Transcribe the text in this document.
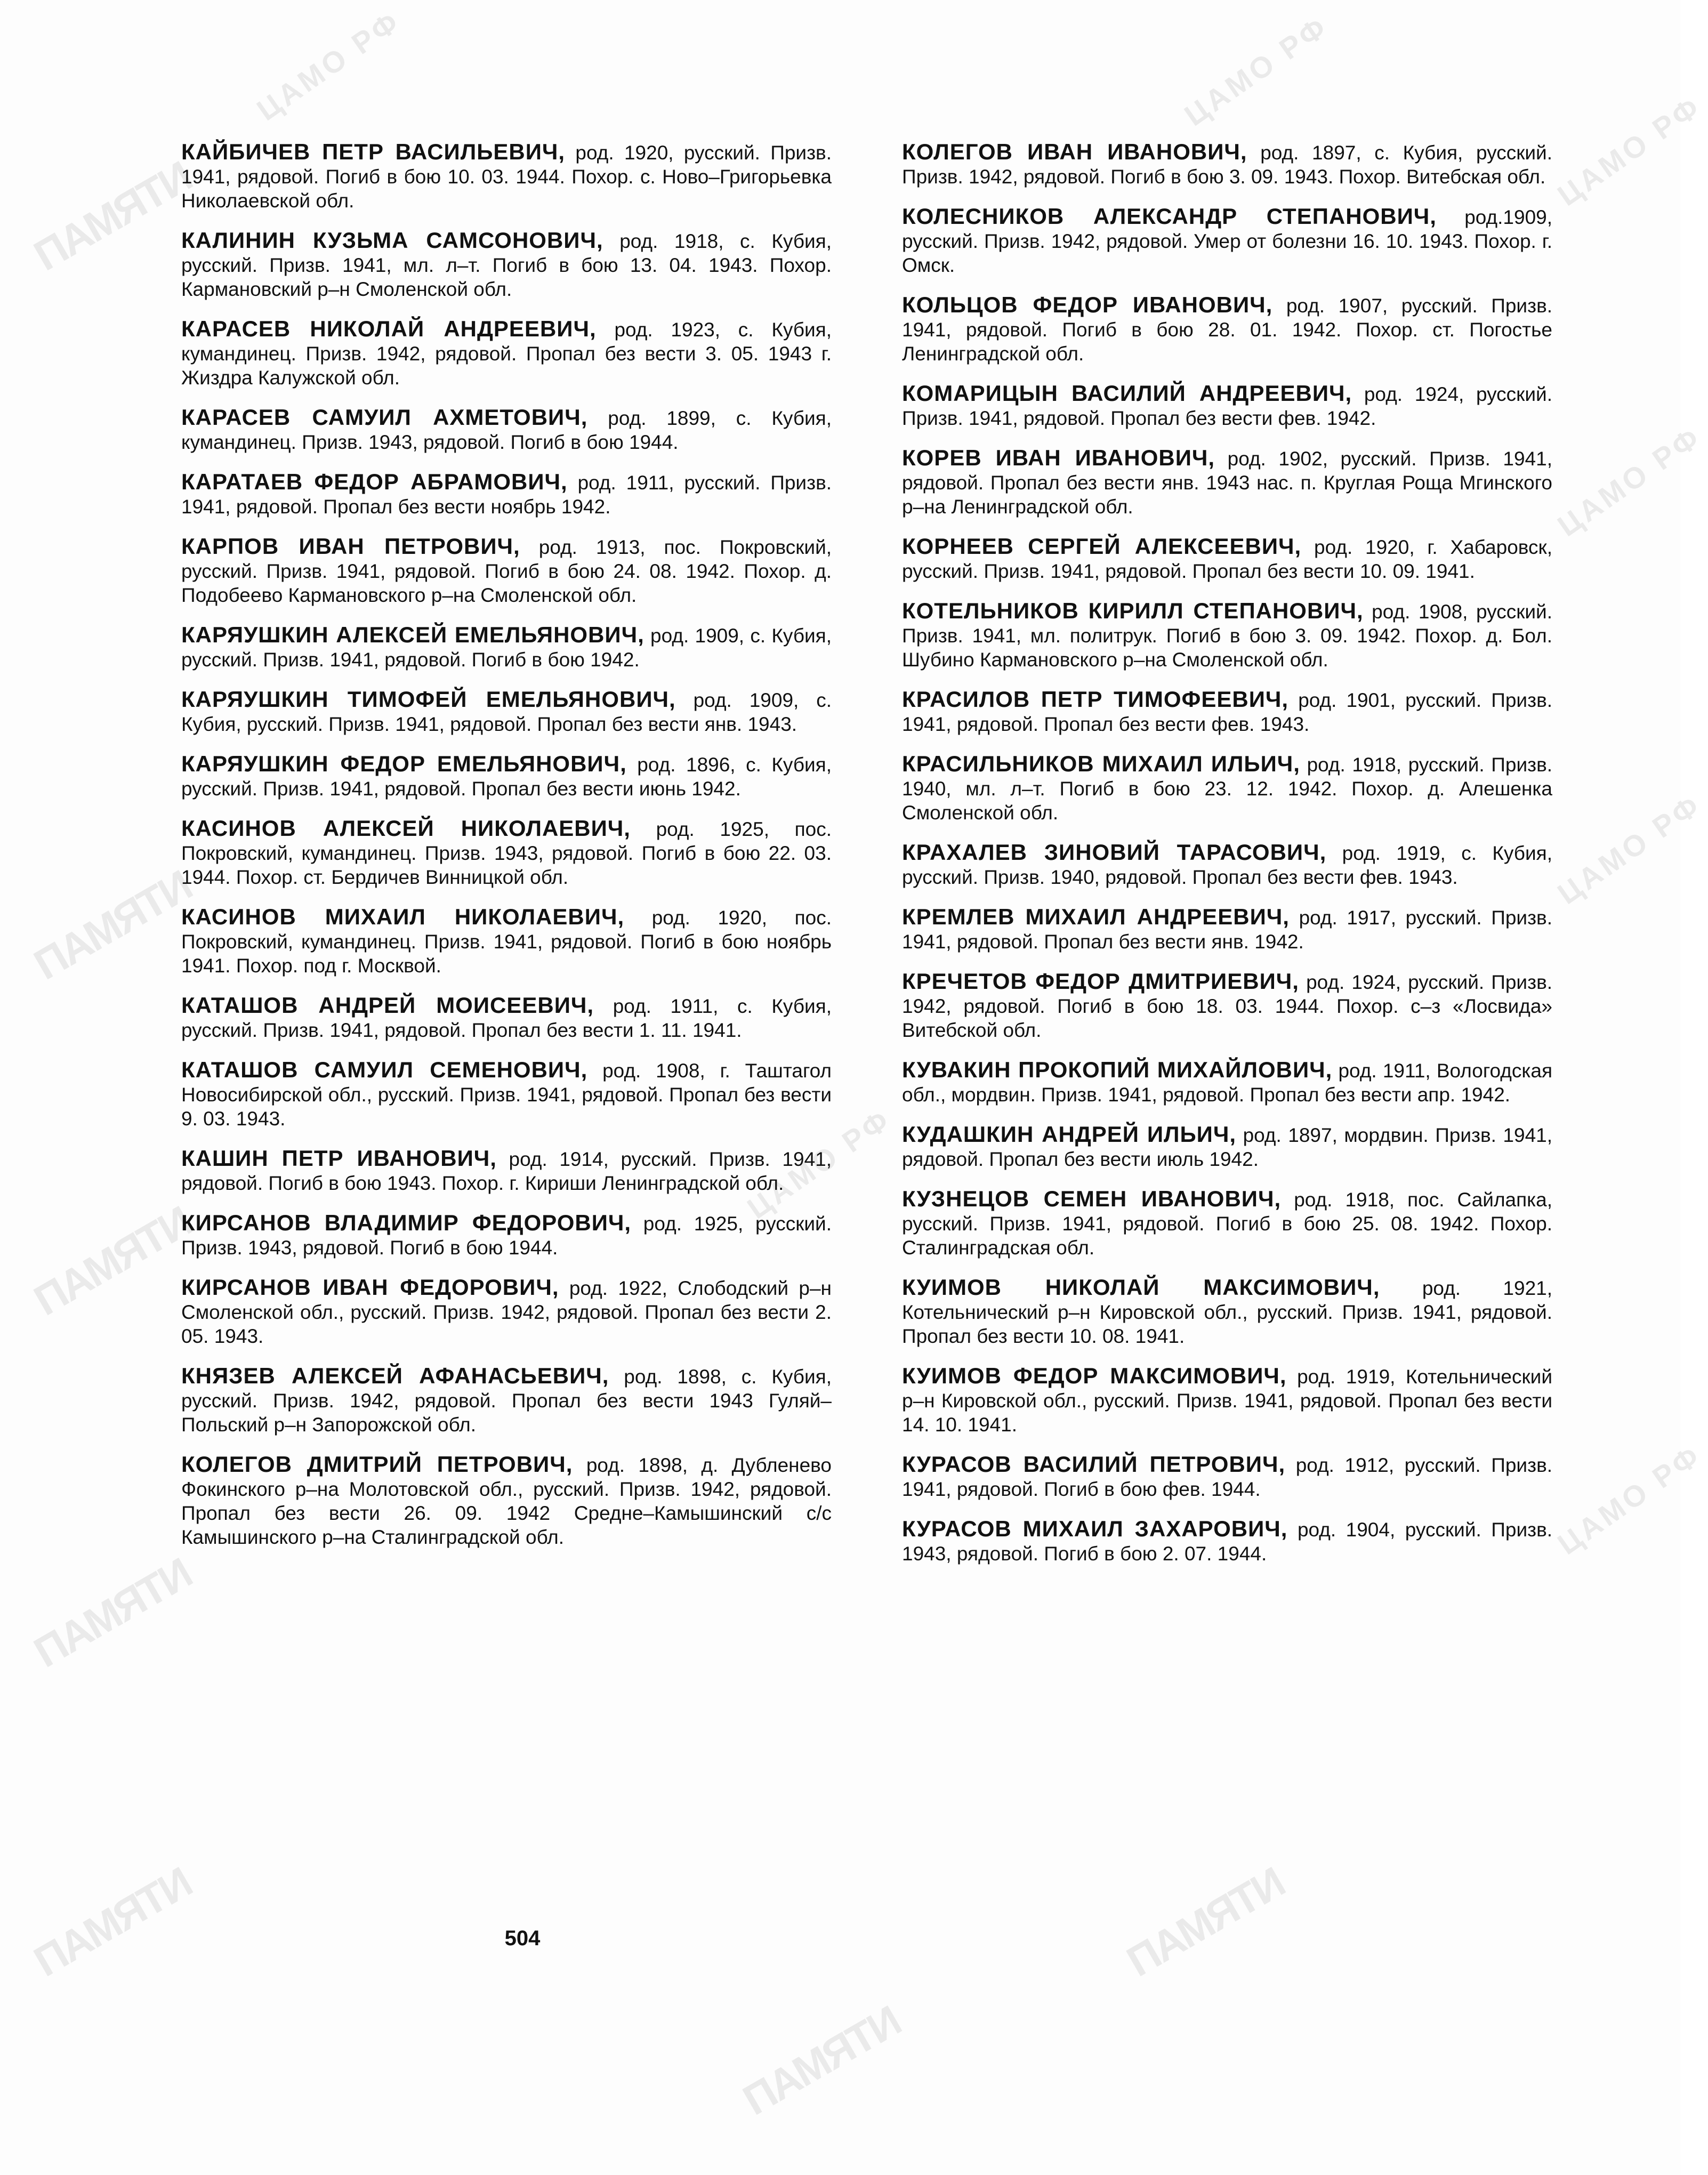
ПАМЯТИ
ПАМЯТИ
ПАМЯТИ
ПАМЯТИ
ПАМЯТИ
ПАМЯТИ
ПАМЯТИ
ЦАМО РФ	ЦАМО РФ
ЦАМО РФ
ЦАМО РФ
ЦАМО РФ
ЦАМО РФ
ЦАМО РФ
КАЙБИЧЕВ ПЕТР ВАСИЛЬЕВИЧ, род. 1920, русский. Призв. 1941, рядовой. Погиб в бою 10. 03. 1944. Похор. с. Ново–Григорьевка Николаевской обл.
КАЛИНИН КУЗЬМА САМСОНОВИЧ, род. 1918, с. Кубия, русский. Призв. 1941, мл. л–т. Погиб в бою 13. 04. 1943. Похор. Кармановский р–н Смоленской обл.
КАРАСЕВ НИКОЛАЙ АНДРЕЕВИЧ, род. 1923, с. Кубия, кумандинец. Призв. 1942, рядовой. Пропал без вести 3. 05. 1943 г. Жиздра Калужской обл.
КАРАСЕВ САМУИЛ АХМЕТОВИЧ, род. 1899, с. Кубия, кумандинец. Призв. 1943, рядовой. Погиб в бою 1944.
КАРАТАЕВ ФЕДОР АБРАМОВИЧ, род. 1911, русский. Призв. 1941, рядовой. Пропал без вести ноябрь 1942.
КАРПОВ ИВАН ПЕТРОВИЧ, род. 1913, пос. Покровский, русский. Призв. 1941, рядовой. Погиб в бою 24. 08. 1942. Похор. д. Подобеево Кармановского р–на Смоленской обл.
КАРЯУШКИН АЛЕКСЕЙ ЕМЕЛЬЯНОВИЧ, род. 1909, с. Кубия, русский. Призв. 1941, рядовой. Погиб в бою 1942.
КАРЯУШКИН ТИМОФЕЙ ЕМЕЛЬЯНОВИЧ, род. 1909, с. Кубия, русский. Призв. 1941, рядовой. Пропал без вести янв. 1943.
КАРЯУШКИН ФЕДОР ЕМЕЛЬЯНОВИЧ, род. 1896, с. Кубия, русский. Призв. 1941, рядовой. Пропал без вести июнь 1942.
КАСИНОВ АЛЕКСЕЙ НИКОЛАЕВИЧ, род. 1925, пос. Покровский, кумандинец. Призв. 1943, рядовой. Погиб в бою 22. 03. 1944. Похор. ст. Бердичев Винницкой обл.
КАСИНОВ МИХАИЛ НИКОЛАЕВИЧ, род. 1920, пос. Покровский, кумандинец. Призв. 1941, рядовой. Погиб в бою ноябрь 1941. Похор. под г. Москвой.
КАТАШОВ АНДРЕЙ МОИСЕЕВИЧ, род. 1911, с. Кубия, русский. Призв. 1941, рядовой. Пропал без вести 1. 11. 1941.
КАТАШОВ САМУИЛ СЕМЕНОВИЧ, род. 1908, г. Таштагол Новосибирской обл., русский. Призв. 1941, рядовой. Пропал без вести 9. 03. 1943.
КАШИН ПЕТР ИВАНОВИЧ, род. 1914, русский. Призв. 1941, рядовой. Погиб в бою 1943. Похор. г. Кириши Ленинградской обл.
КИРСАНОВ ВЛАДИМИР ФЕДОРОВИЧ, род. 1925, русский. Призв. 1943, рядовой. Погиб в бою 1944.
КИРСАНОВ ИВАН ФЕДОРОВИЧ, род. 1922, Слободский р–н Смоленской обл., русский. Призв. 1942, рядовой. Пропал без вести 2. 05. 1943.
КНЯЗЕВ АЛЕКСЕЙ АФАНАСЬЕВИЧ, род. 1898, с. Кубия, русский. Призв. 1942, рядовой. Пропал без вести 1943 Гуляй–Польский р–н Запорожской обл.
КОЛЕГОВ ДМИТРИЙ ПЕТРОВИЧ, род. 1898, д. Дубленево Фокинского р–на Молотовской обл., русский. Призв. 1942, рядовой. Пропал без вести 26. 09. 1942 Средне–Камышинский с/с Камышинского р–на Сталинградской обл.
КОЛЕГОВ ИВАН ИВАНОВИЧ, род. 1897, с. Кубия, русский. Призв. 1942, рядовой. Погиб в бою 3. 09. 1943. Похор. Витебская обл.
КОЛЕСНИКОВ АЛЕКСАНДР СТЕПАНОВИЧ, род.1909, русский. Призв. 1942, рядовой. Умер от болезни 16. 10. 1943. Похор. г. Омск.
КОЛЬЦОВ ФЕДОР ИВАНОВИЧ, род. 1907, русский. Призв. 1941, рядовой. Погиб в бою 28. 01. 1942. Похор. ст. Погостье Ленинградской обл.
КОМАРИЦЫН ВАСИЛИЙ АНДРЕЕВИЧ, род. 1924, русский. Призв. 1941, рядовой. Пропал без вести фев. 1942.
КОРЕВ ИВАН ИВАНОВИЧ, род. 1902, русский. Призв. 1941, рядовой. Пропал без вести янв. 1943 нас. п. Круглая Роща Мгинского р–на Ленинградской обл.
КОРНЕЕВ СЕРГЕЙ АЛЕКСЕЕВИЧ, род. 1920, г. Хабаровск, русский. Призв. 1941, рядовой. Пропал без вести 10. 09. 1941.
КОТЕЛЬНИКОВ КИРИЛЛ СТЕПАНОВИЧ, род. 1908, русский. Призв. 1941, мл. политрук. Погиб в бою 3. 09. 1942. Похор. д. Бол. Шубино Кармановского р–на Смоленской обл.
КРАСИЛОВ ПЕТР ТИМОФЕЕВИЧ, род. 1901, русский. Призв. 1941, рядовой. Пропал без вести фев. 1943.
КРАСИЛЬНИКОВ МИХАИЛ ИЛЬИЧ, род. 1918, русский. Призв. 1940, мл. л–т. Погиб в бою 23. 12. 1942. Похор. д. Алешенка Смоленской обл.
КРАХАЛЕВ ЗИНОВИЙ ТАРАСОВИЧ, род. 1919, с. Кубия, русский. Призв. 1940, рядовой. Пропал без вести фев. 1943.
КРЕМЛЕВ МИХАИЛ АНДРЕЕВИЧ, род. 1917, русский. Призв. 1941, рядовой. Пропал без вести янв. 1942.
КРЕЧЕТОВ ФЕДОР ДМИТРИЕВИЧ, род. 1924, русский. Призв. 1942, рядовой. Погиб в бою 18. 03. 1944. Похор. с–з «Лосвида» Витебской обл.
КУВАКИН ПРОКОПИЙ МИХАЙЛОВИЧ, род. 1911, Вологодская обл., мордвин. Призв. 1941, рядовой. Пропал без вести апр. 1942.
КУДАШКИН АНДРЕЙ ИЛЬИЧ, род. 1897, мордвин. Призв. 1941, рядовой. Пропал без вести июль 1942.
КУЗНЕЦОВ СЕМЕН ИВАНОВИЧ, род. 1918, пос. Сайлапка, русский. Призв. 1941, рядовой. Погиб в бою 25. 08. 1942. Похор. Сталинградская обл.
КУИМОВ НИКОЛАЙ МАКСИМОВИЧ, род. 1921, Котельнический р–н Кировской обл., русский. Призв. 1941, рядовой. Пропал без вести 10. 08. 1941.
КУИМОВ ФЕДОР МАКСИМОВИЧ, род. 1919, Котельнический р–н Кировской обл., русский. Призв. 1941, рядовой. Пропал без вести 14. 10. 1941.
КУРАСОВ ВАСИЛИЙ ПЕТРОВИЧ, род. 1912, русский. Призв. 1941, рядовой. Погиб в бою фев. 1944.
КУРАСОВ МИХАИЛ ЗАХАРОВИЧ, род. 1904, русский. Призв. 1943, рядовой. Погиб в бою 2. 07. 1944.
504
